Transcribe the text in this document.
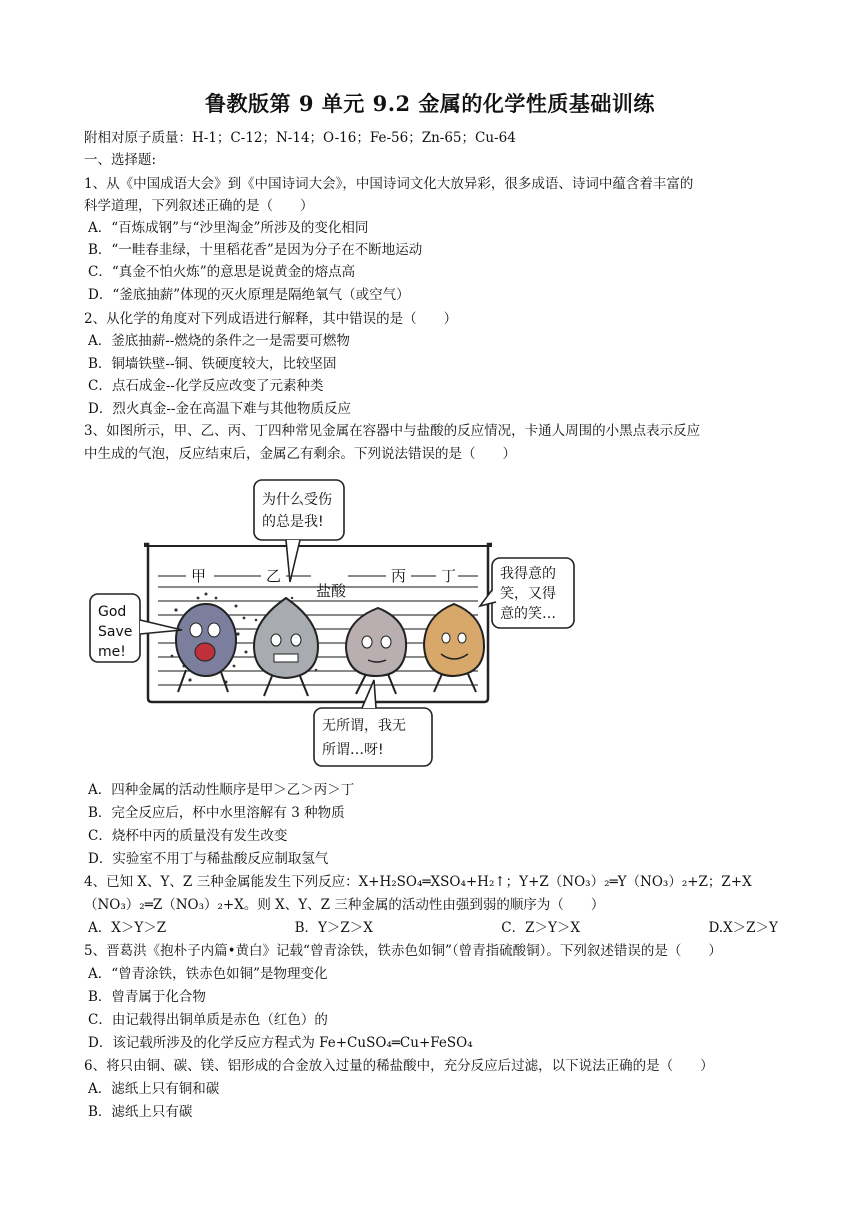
鲁教版第 9 单元 9.2 金属的化学性质基础训练
附相对原子质量：H-1；C-12；N-14；O-16；Fe-56；Zn-65；Cu-64
一、选择题:
1、从《中国成语大会》到《中国诗词大会》，中国诗词文化大放异彩，很多成语、诗词中蕴含着丰富的
科学道理，下列叙述正确的是（　　）
A．“百炼成钢”与“沙里淘金”所涉及的变化相同
B．“一畦春韭绿，十里稻花香”是因为分子在不断地运动
C．“真金不怕火炼”的意思是说黄金的熔点高
D．“釜底抽薪”体现的灭火原理是隔绝氧气（或空气）
2、从化学的角度对下列成语进行解释，其中错误的是（　　）
A．釜底抽薪--燃烧的条件之一是需要可燃物
B．铜墙铁壁--铜、铁硬度较大，比较坚固
C．点石成金--化学反应改变了元素种类
D．烈火真金--金在高温下难与其他物质反应
3、如图所示，甲、乙、丙、丁四种常见金属在容器中与盐酸的反应情况，卡通人周围的小黑点表示反应
中生成的气泡，反应结束后，金属乙有剩余。下列说法错误的是（　　）
甲	乙
盐酸
丙 丁
为什么受伤
的总是我!
God
Save
me!
我得意的
笑，又得
意的笑…
无所谓，我无
所谓…呀!
A．四种金属的活动性顺序是甲＞乙＞丙＞丁
B．完全反应后，杯中水里溶解有 3 种物质
C．烧杯中丙的质量没有发生改变
D．实验室不用丁与稀盐酸反应制取氢气
4、已知 X、Y、Z 三种金属能发生下列反应：X+H₂SO₄═XSO₄+H₂↑；Y+Z（NO₃）₂═Y（NO₃）₂+Z；Z+X
（NO₃）₂═Z（NO₃）₂+X。则 X、Y、Z 三种金属的活动性由强到弱的顺序为（　　）
A．X＞Y＞Z	B．Y＞Z＞X	C．Z＞Y＞X	D.X＞Z＞Y
5、晋葛洪《抱朴子内篇•黄白》记载“曾青涂铁，铁赤色如铜”（曾青指硫酸铜）。下列叙述错误的是（　　）
A．“曾青涂铁，铁赤色如铜”是物理变化
B．曾青属于化合物
C．由记载得出铜单质是赤色（红色）的
D．该记载所涉及的化学反应方程式为 Fe+CuSO₄═Cu+FeSO₄
6、将只由铜、碳、镁、铝形成的合金放入过量的稀盐酸中，充分反应后过滤，以下说法正确的是（　　）
A．滤纸上只有铜和碳
B．滤纸上只有碳
